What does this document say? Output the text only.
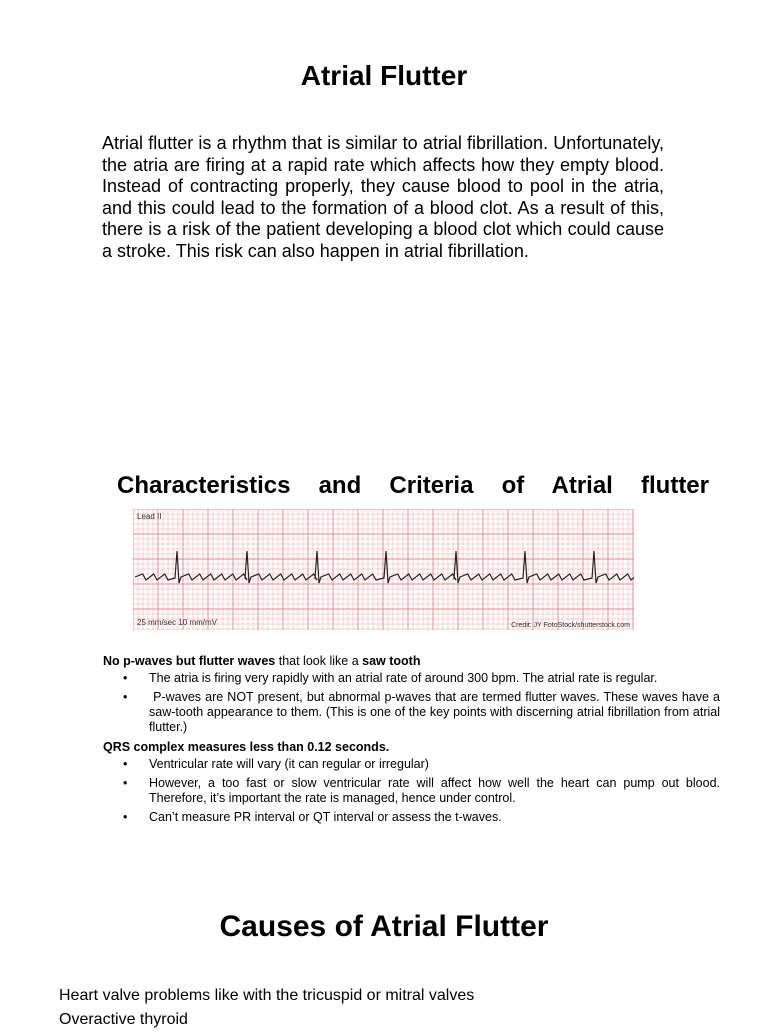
Atrial Flutter

Atrial flutter is a rhythm that is similar to atrial fibrillation. Unfortunately, the atria are firing at a rapid rate which affects how they empty blood. Instead of contracting properly, they cause blood to pool in the atria, and this could lead to the formation of a blood clot. As a result of this, there is a risk of the patient developing a blood clot which could cause a stroke. This risk can also happen in atrial fibrillation.

Characteristics and Criteria of Atrial flutter

Lead II
25 mm/sec 10 mm/mV	Credit: JY FotoStock/shutterstock.com

No p-waves but flutter waves that look like a saw tooth

• The atria is firing very rapidly with an atrial rate of around 300 bpm. The atrial rate is regular.
• P-waves are NOT present, but abnormal p-waves that are termed flutter waves. These waves have a saw-tooth appearance to them. (This is one of the key points with discerning atrial fibrillation from atrial flutter.)

QRS complex measures less than 0.12 seconds.

• Ventricular rate will vary (it can regular or irregular)
• However, a too fast or slow ventricular rate will affect how well the heart can pump out blood. Therefore, it’s important the rate is managed, hence under control.
• Can’t measure PR interval or QT interval or assess the t-waves.
Causes of Atrial Flutter
Heart valve problems like with the tricuspid or mitral valves
Overactive thyroid
